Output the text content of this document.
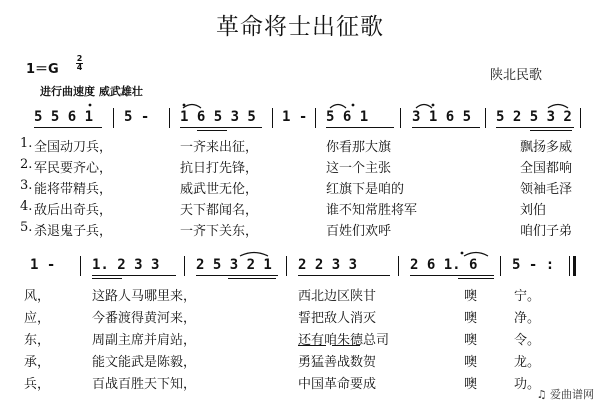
革命将士出征歌
1＝G
2
4
陕北民歌
进行曲速度 威武雄壮
5 5 6 1 5 - 1 6 5 3 5 1 - 5 6 1	3 1 6 5 5 2 5 3 2
1. 全国动刀兵，	一齐来出征，	你看那大旗	飘扬多威
2. 军民要齐心，	抗日打先锋，	这一个主张	全国都响
3. 能将带精兵，	威武世无伦，	红旗下是咱的	领袖毛泽
4. 敌后出奇兵，	天下都闻名，	谁不知常胜将军	刘伯
5. 杀退鬼子兵，	一齐下关东，	百姓们欢呼	咱们子弟
1 -	1. 2 3 3	2 5 3 2 1 2 2 3 3	2 6 1. 6 5 - :
风，	这路人马哪里来，	西北边区陕甘	噢	宁。
应，	今番渡得黄河来，	誓把敌人消灭	噢	净。
东，	周副主席并肩站，	还有咱朱德总司	噢	令。
承，	能文能武是陈毅，	勇猛善战数贺	噢	龙。
兵，	百战百胜天下知，	中国革命要成	噢	功。
♫ 爱曲谱网
